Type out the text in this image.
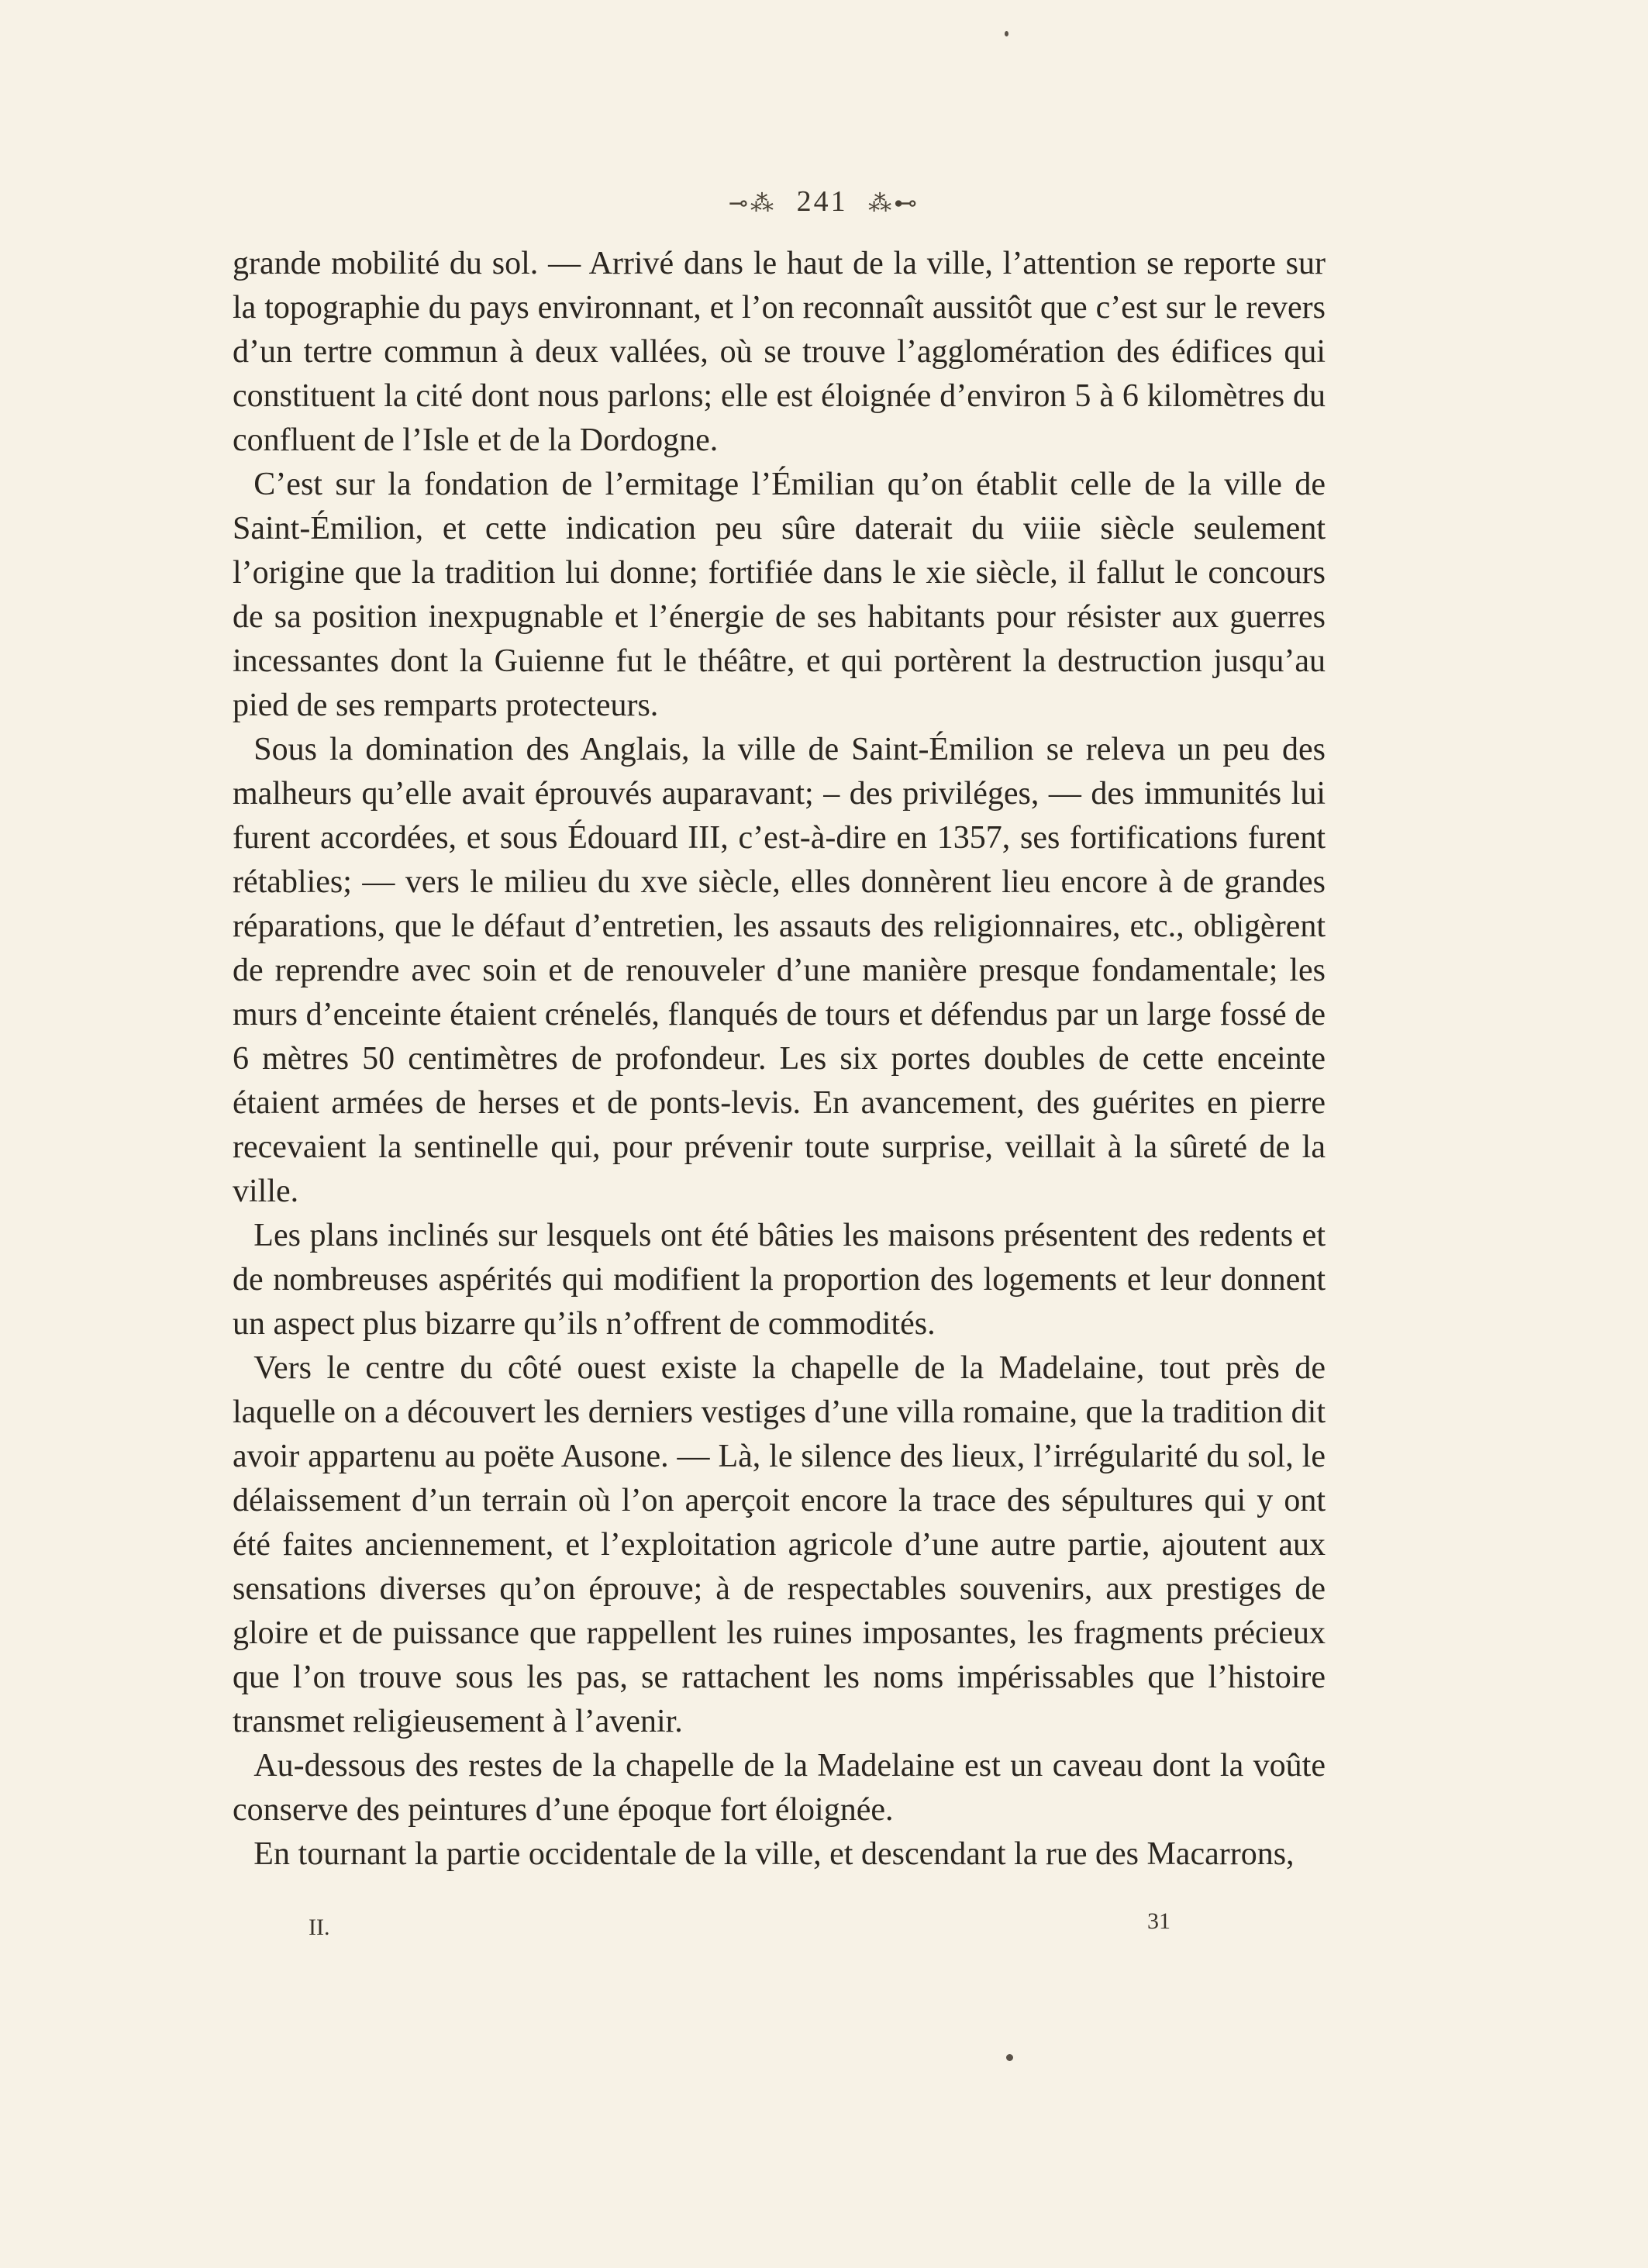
⊸⁂ 241 ⁂⊷

grande mobilité du sol. — Arrivé dans le haut de la ville, l’attention se reporte sur la topographie du pays environnant, et l’on reconnaît aussitôt que c’est sur le revers d’un tertre commun à deux vallées, où se trouve l’agglomération des édifices qui constituent la cité dont nous parlons; elle est éloignée d’environ 5 à 6 kilomètres du confluent de l’Isle et de la Dordogne.

C’est sur la fondation de l’ermitage l’Émilian qu’on établit celle de la ville de Saint-Émilion, et cette indication peu sûre daterait du viiie siècle seulement l’origine que la tradition lui donne; fortifiée dans le xie siècle, il fallut le concours de sa position inexpugnable et l’énergie de ses habitants pour résister aux guerres incessantes dont la Guienne fut le théâtre, et qui portèrent la destruction jusqu’au pied de ses remparts protecteurs.

Sous la domination des Anglais, la ville de Saint-Émilion se releva un peu des malheurs qu’elle avait éprouvés auparavant; – des priviléges, — des immunités lui furent accordées, et sous Édouard III, c’est-à-dire en 1357, ses fortifications furent rétablies; — vers le milieu du xve siècle, elles donnèrent lieu encore à de grandes réparations, que le défaut d’entretien, les assauts des religionnaires, etc., obligèrent de reprendre avec soin et de renouveler d’une manière presque fondamentale; les murs d’enceinte étaient crénelés, flanqués de tours et défendus par un large fossé de 6 mètres 50 centimètres de profondeur. Les six portes doubles de cette enceinte étaient armées de herses et de ponts-levis. En avancement, des guérites en pierre recevaient la sentinelle qui, pour prévenir toute surprise, veillait à la sûreté de la ville.

Les plans inclinés sur lesquels ont été bâties les maisons présentent des redents et de nombreuses aspérités qui modifient la proportion des logements et leur donnent un aspect plus bizarre qu’ils n’offrent de commodités.

Vers le centre du côté ouest existe la chapelle de la Madelaine, tout près de laquelle on a découvert les derniers vestiges d’une villa romaine, que la tradition dit avoir appartenu au poëte Ausone. — Là, le silence des lieux, l’irrégularité du sol, le délaissement d’un terrain où l’on aperçoit encore la trace des sépultures qui y ont été faites anciennement, et l’exploitation agricole d’une autre partie, ajoutent aux sensations diverses qu’on éprouve; à de respectables souvenirs, aux prestiges de gloire et de puissance que rappellent les ruines imposantes, les fragments précieux que l’on trouve sous les pas, se rattachent les noms impérissables que l’histoire transmet religieusement à l’avenir.

Au-dessous des restes de la chapelle de la Madelaine est un caveau dont la voûte conserve des peintures d’une époque fort éloignée.

En tournant la partie occidentale de la ville, et descendant la rue des Macarrons,

II.	31
